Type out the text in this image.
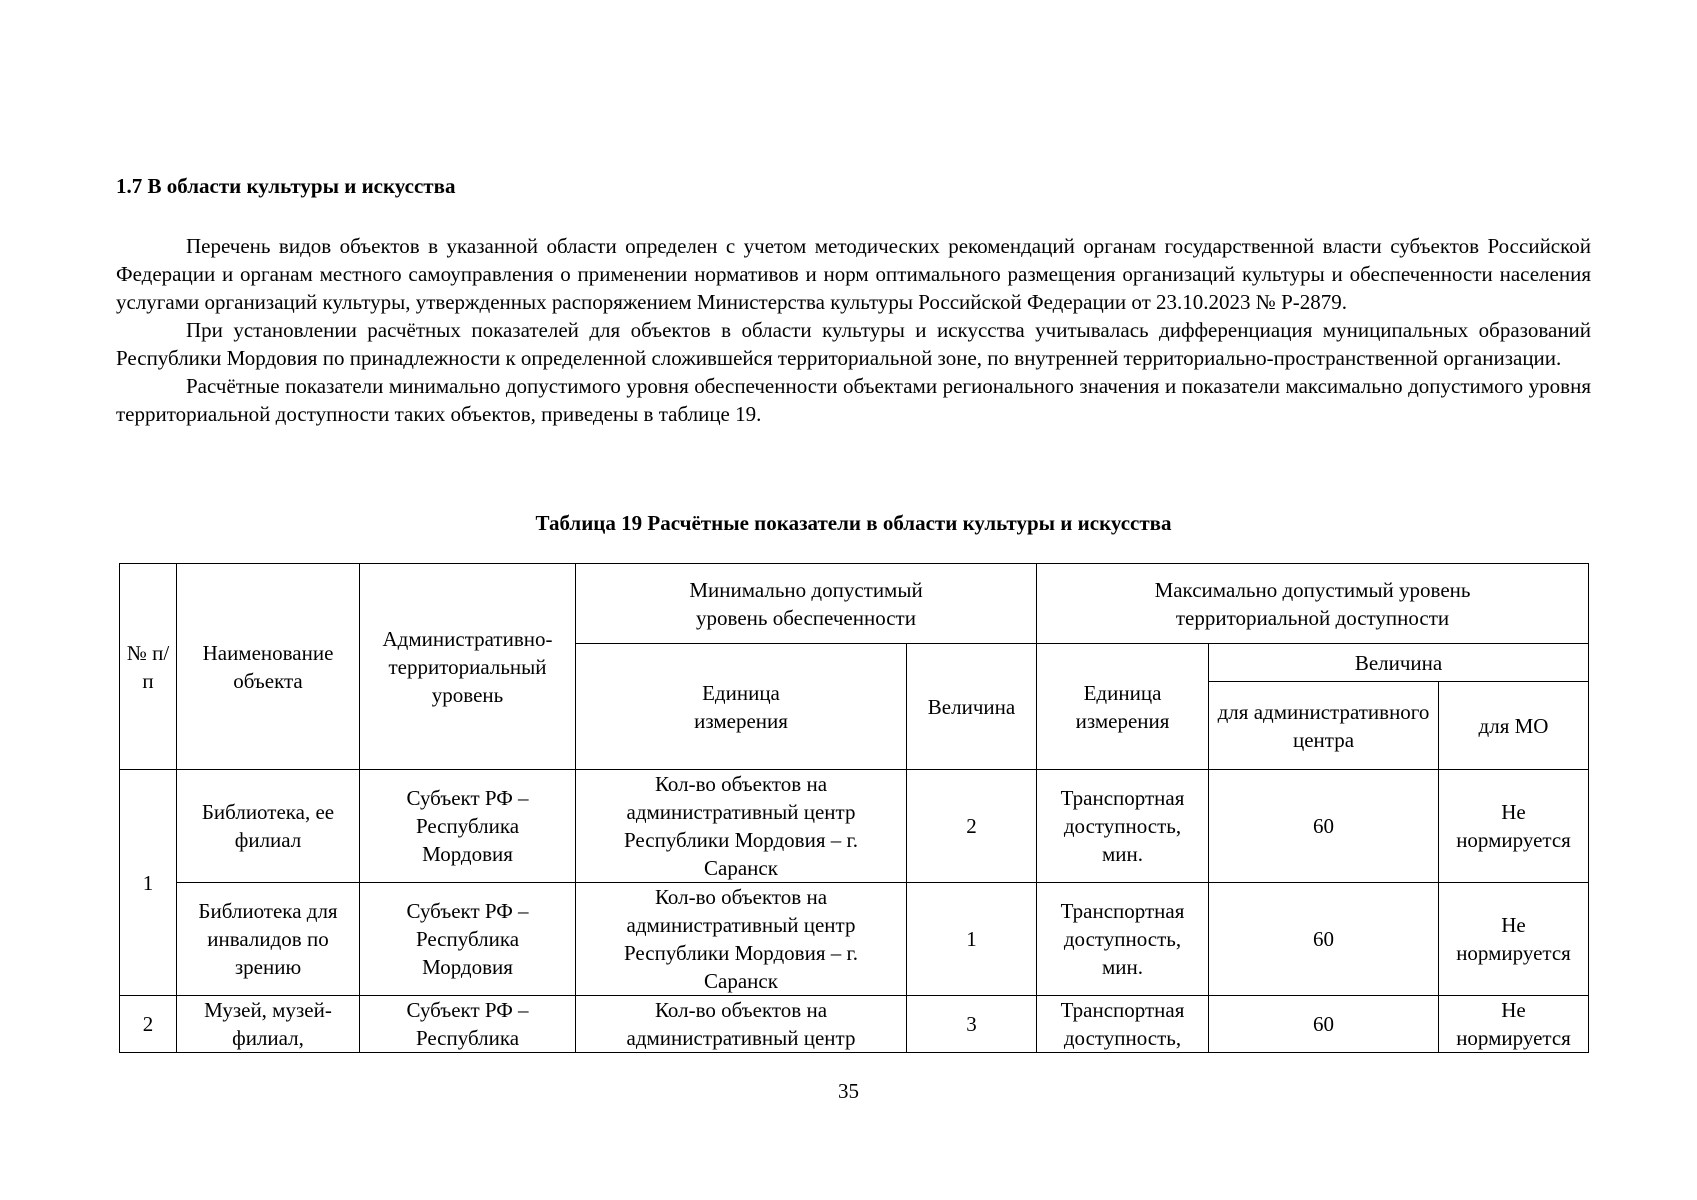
1.7 В области культуры и искусства

Перечень видов объектов в указанной области определен с учетом методических рекомендаций органам государственной власти субъектов Российской Федерации и органам местного самоуправления о применении нормативов и норм оптимального размещения организаций культуры и обеспеченности населения услугами организаций культуры, утвержденных распоряжением Министерства культуры Российской Федерации от 23.10.2023 № Р-2879.

При установлении расчётных показателей для объектов в области культуры и искусства учитывалась дифференциация муниципальных образований Республики Мордовия по принадлежности к определенной сложившейся территориальной зоне, по внутренней территориально-пространственной организации.

Расчётные показатели минимально допустимого уровня обеспеченности объектами регионального значения и показатели максимально допустимого уровня территориальной доступности таких объектов, приведены в таблице 19.

Таблица 19 Расчётные показатели в области культуры и искусства
№ п/п	Наименование объекта	Административно-территориальный уровень	Минимально допустимый уровень обеспеченности		Максимально допустимый уровень территориальной доступности		
			Единица измерения	Величина	Единица измерения	Величина	
						для административного центра	для МО
1	Библиотека, ее филиал	Субъект РФ – Республика Мордовия	Кол-во объектов на административный центр Республики Мордовия – г. Саранск	2	Транспортная доступность, мин.	60	Не нормируется
	Библиотека для инвалидов по зрению	Субъект РФ – Республика Мордовия	Кол-во объектов на административный центр Республики Мордовия – г. Саранск	1	Транспортная доступность, мин.	60	Не нормируется
2	Музей, музей-филиал,	Субъект РФ – Республика	Кол-во объектов на административный центр	3	Транспортная доступность,	60	Не нормируется
35
